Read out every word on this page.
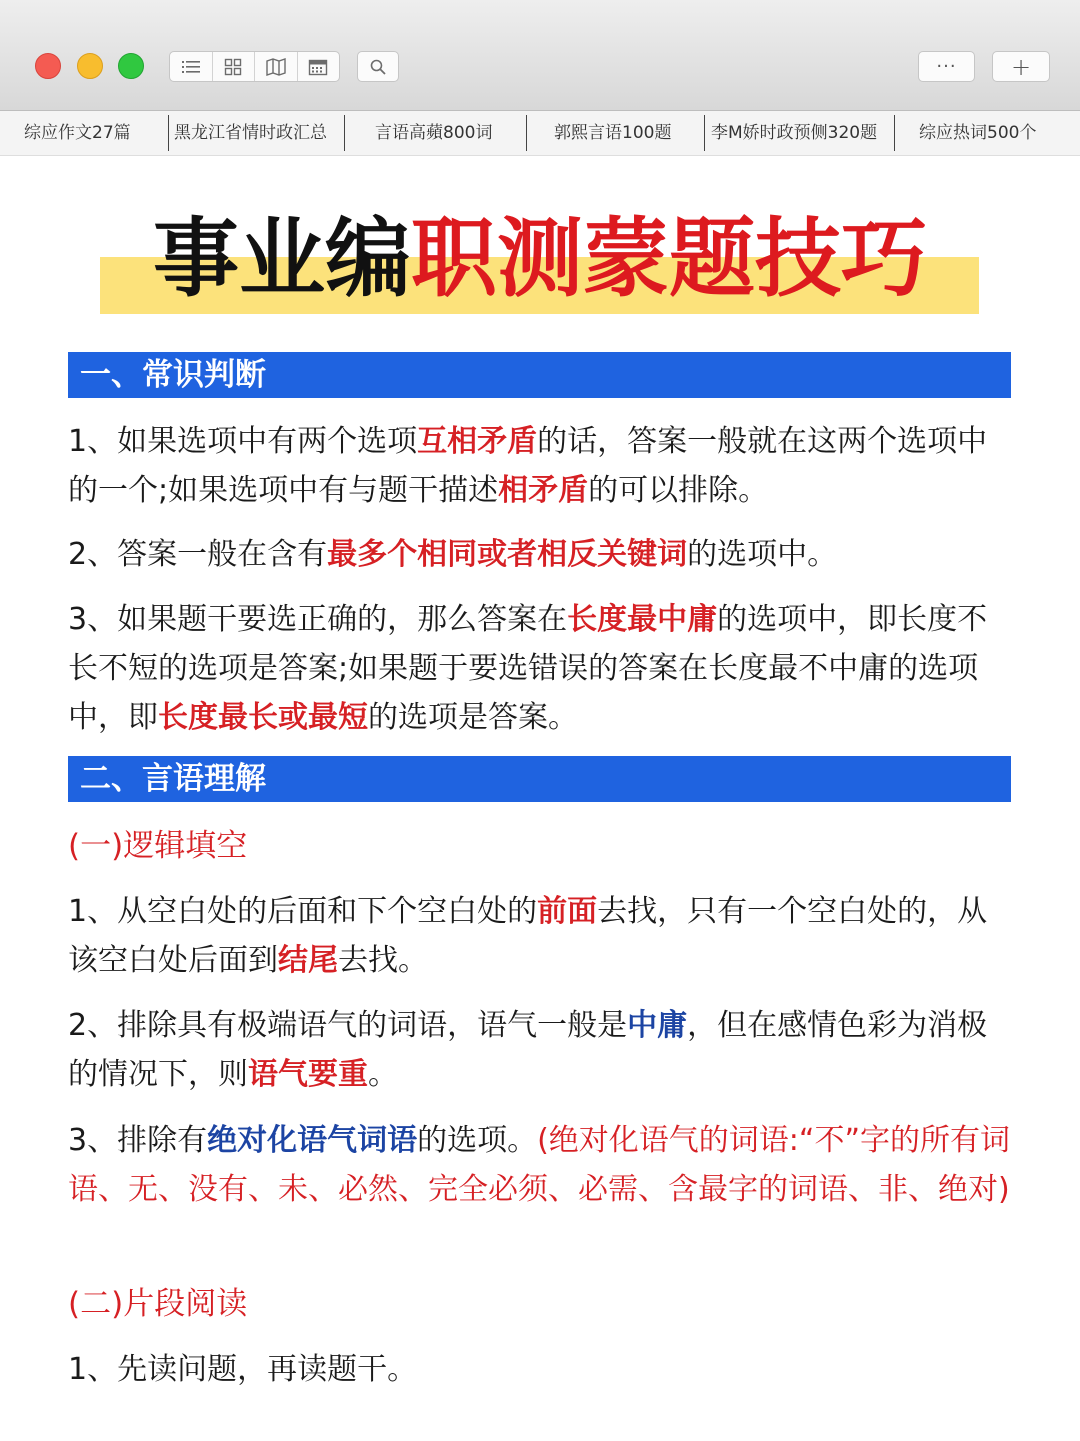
···	+
综应作文27篇	黑龙江省情时政汇总	言语高蘋800词	郭熙言语100题 李M娇时政预侧320题 综应热词500个
事业编职测蒙题技巧
一、常识判断
1、如果选项中有两个选项互相矛盾的话，答案一般就在这两个选项中的一个;如果选项中有与题干描述相矛盾的可以排除。
2、答案一般在含有最多个相同或者相反关键词的选项中。
3、如果题干要选正确的，那么答案在长度最中庸的选项中，即长度不长不短的选项是答案;如果题于要选错误的答案在长度最不中庸的选项中，即长度最长或最短的选项是答案。
二、言语理解
(一)逻辑填空
1、从空白处的后面和下个空白处的前面去找，只有一个空白处的，从该空白处后面到结尾去找。
2、排除具有极端语气的词语，语气一般是中庸，但在感情色彩为消极的情况下，则语气要重。
3、排除有绝对化语气词语的选项。(绝对化语气的词语:“不”字的所有词语、无、没有、未、必然、完全必须、必需、含最字的词语、非、绝对)
(二)片段阅读
1、先读问题，再读题干。
